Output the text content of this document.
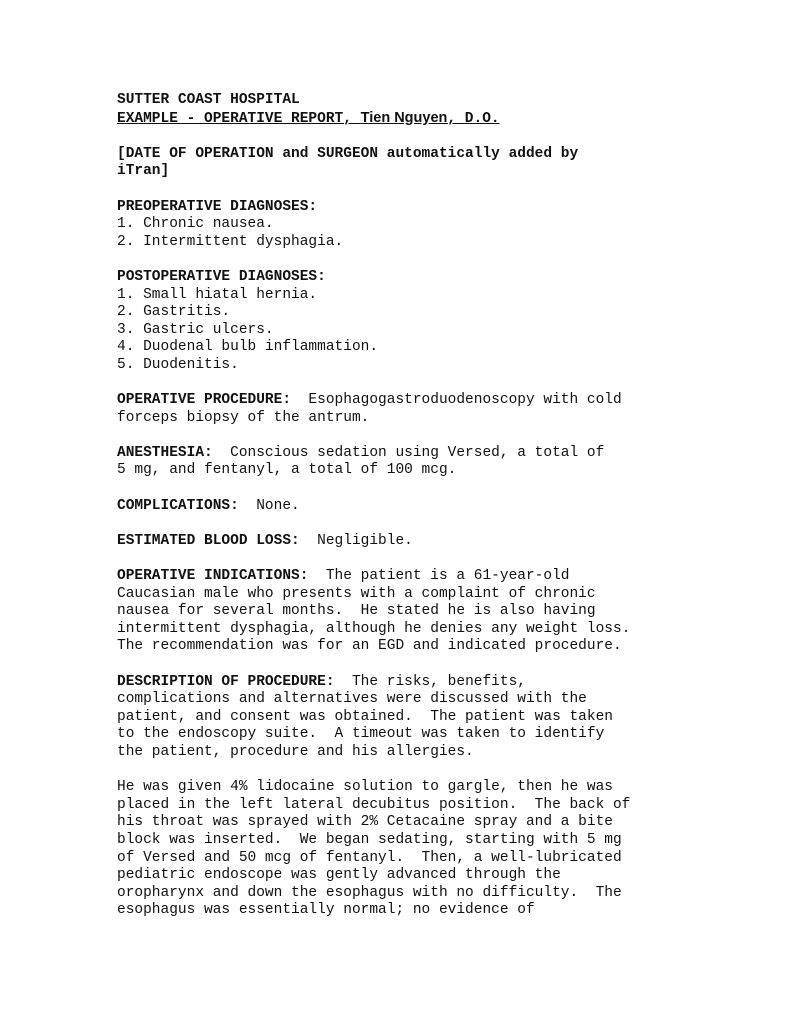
SUTTER COAST HOSPITAL
EXAMPLE - OPERATIVE REPORT, Tien Nguyen, D.O.
[DATE OF OPERATION and SURGEON automatically added by
iTran]
PREOPERATIVE DIAGNOSES:
1. Chronic nausea.
2. Intermittent dysphagia.
POSTOPERATIVE DIAGNOSES:
1. Small hiatal hernia.
2. Gastritis.
3. Gastric ulcers.
4. Duodenal bulb inflammation.
5. Duodenitis.
OPERATIVE PROCEDURE:  Esophagogastroduodenoscopy with cold
forceps biopsy of the antrum.
ANESTHESIA:  Conscious sedation using Versed, a total of
5 mg, and fentanyl, a total of 100 mcg.
COMPLICATIONS:  None.
ESTIMATED BLOOD LOSS:  Negligible.
OPERATIVE INDICATIONS:  The patient is a 61-year-old
Caucasian male who presents with a complaint of chronic
nausea for several months.  He stated he is also having
intermittent dysphagia, although he denies any weight loss.
The recommendation was for an EGD and indicated procedure.
DESCRIPTION OF PROCEDURE:  The risks, benefits,
complications and alternatives were discussed with the
patient, and consent was obtained.  The patient was taken
to the endoscopy suite.  A timeout was taken to identify
the patient, procedure and his allergies.
He was given 4% lidocaine solution to gargle, then he was
placed in the left lateral decubitus position.  The back of
his throat was sprayed with 2% Cetacaine spray and a bite
block was inserted.  We began sedating, starting with 5 mg
of Versed and 50 mcg of fentanyl.  Then, a well-lubricated
pediatric endoscope was gently advanced through the
oropharynx and down the esophagus with no difficulty.  The
esophagus was essentially normal; no evidence of
